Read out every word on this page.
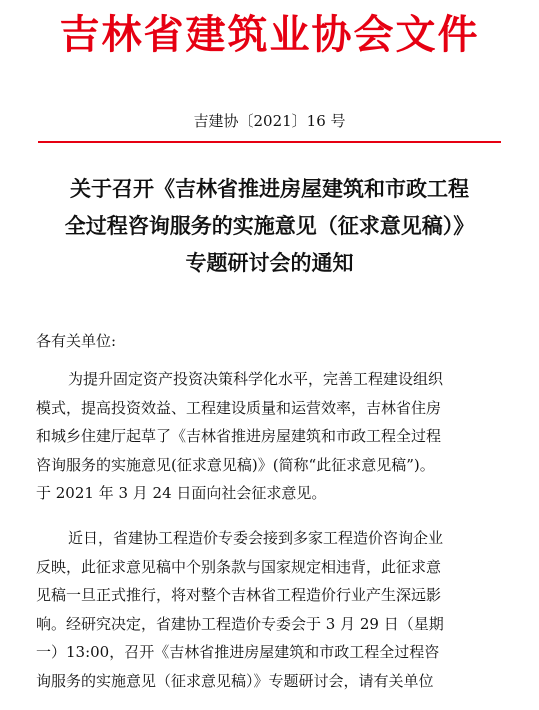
吉林省建筑业协会文件
吉建协〔2021〕16 号
关于召开《吉林省推进房屋建筑和市政工程
全过程咨询服务的实施意见（征求意见稿）》
专题研讨会的通知
各有关单位:
为提升固定资产投资决策科学化水平，完善工程建设组织
模式，提高投资效益、工程建设质量和运营效率，吉林省住房
和城乡住建厅起草了《吉林省推进房屋建筑和市政工程全过程
咨询服务的实施意见(征求意见稿)》(简称“此征求意见稿”)。
于 2021 年 3 月 24 日面向社会征求意见。
近日，省建协工程造价专委会接到多家工程造价咨询企业
反映，此征求意见稿中个别条款与国家规定相违背，此征求意
见稿一旦正式推行，将对整个吉林省工程造价行业产生深远影
响。经研究决定，省建协工程造价专委会于 3 月 29 日（星期
一）13:00，召开《吉林省推进房屋建筑和市政工程全过程咨
询服务的实施意见（征求意见稿）》专题研讨会，请有关单位
